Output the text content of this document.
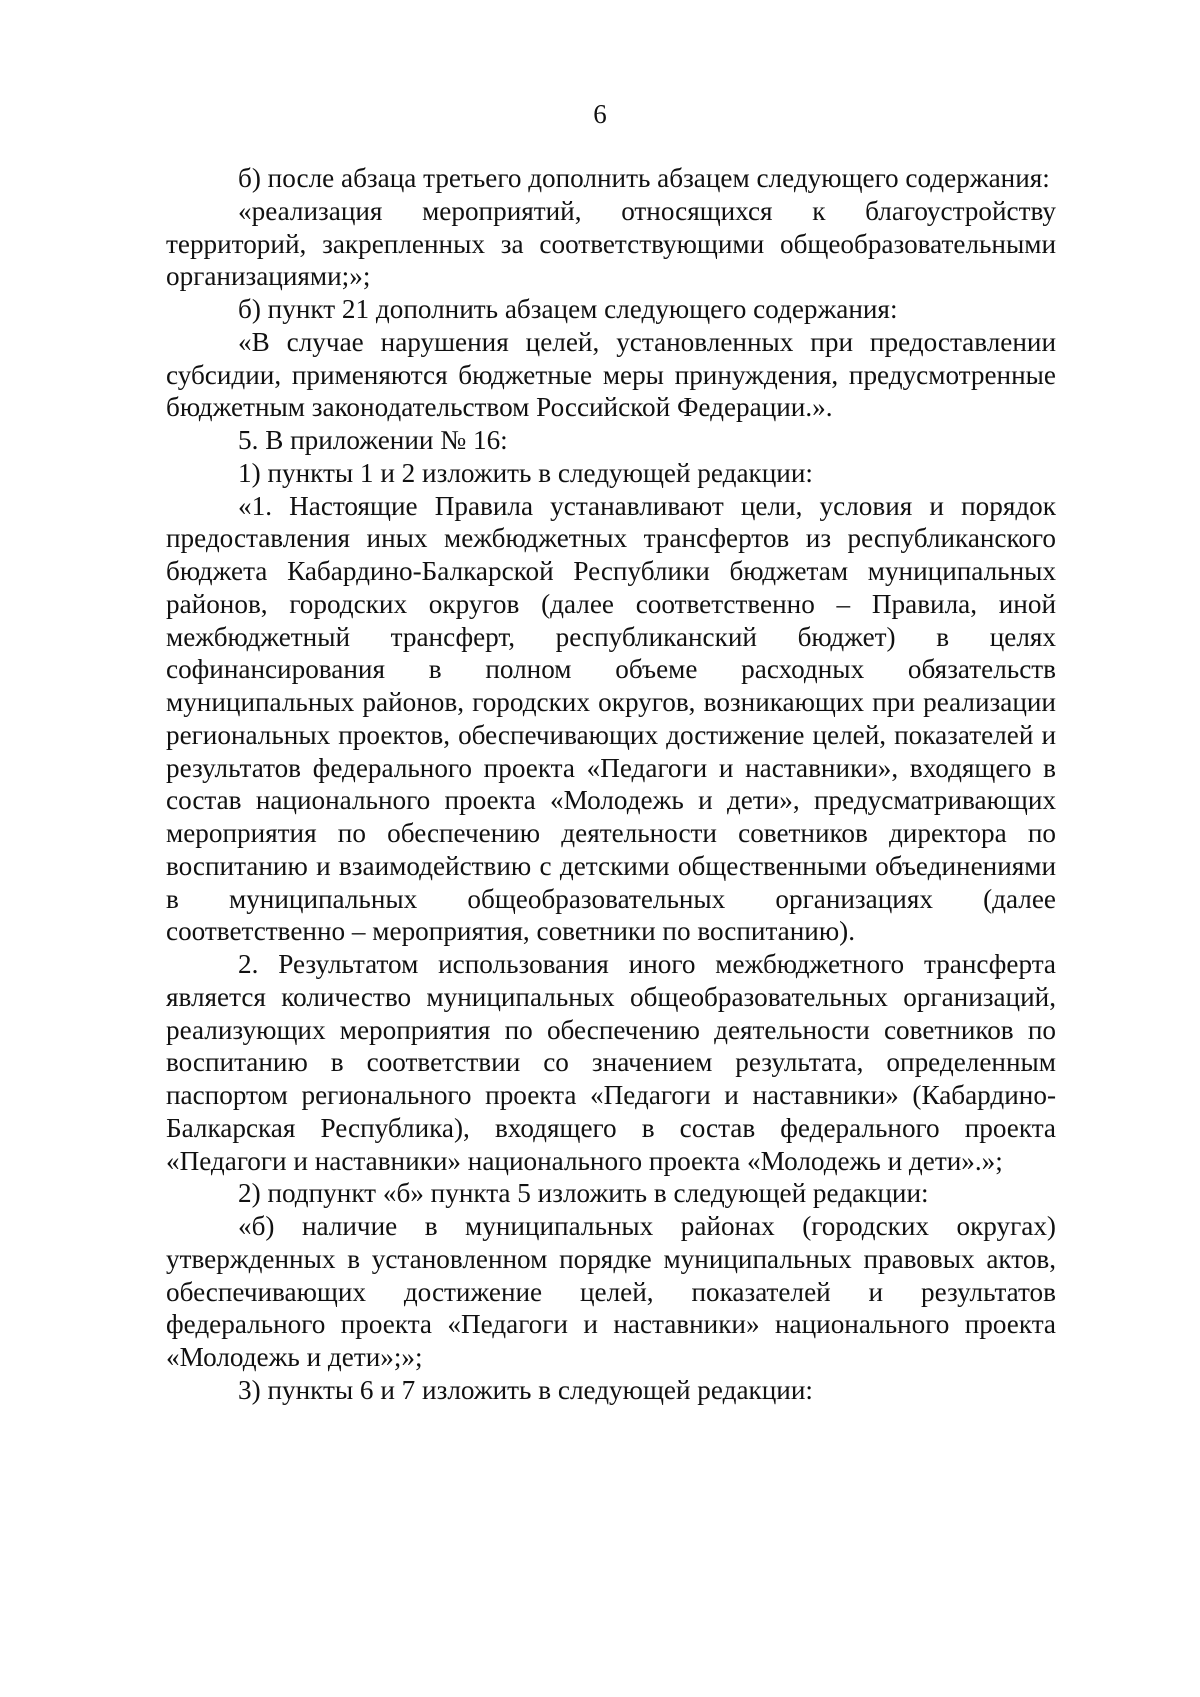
6

б) после абзаца третьего дополнить абзацем следующего содержания:

«реализация мероприятий, относящихся к благоустройству территорий, закрепленных за соответствующими общеобразовательными организациями;»;

б) пункт 21 дополнить абзацем следующего содержания:

«В случае нарушения целей, установленных при предоставлении субсидии, применяются бюджетные меры принуждения, предусмотренные бюджетным законодательством Российской Федерации.».

5. В приложении № 16:

1) пункты 1 и 2 изложить в следующей редакции:

«1. Настоящие Правила устанавливают цели, условия и порядок предоставления иных межбюджетных трансфертов из республиканского бюджета Кабардино-Балкарской Республики бюджетам муниципальных районов, городских округов (далее соответственно – Правила, иной межбюджетный трансферт, республиканский бюджет) в целях софинансирования в полном объеме расходных обязательств муниципальных районов, городских округов, возникающих при реализации региональных проектов, обеспечивающих достижение целей, показателей и результатов федерального проекта «Педагоги и наставники», входящего в состав национального проекта «Молодежь и дети», предусматривающих мероприятия по обеспечению деятельности советников директора по воспитанию и взаимодействию с детскими общественными объединениями в муниципальных общеобразовательных организациях (далее соответственно – мероприятия, советники по воспитанию).

2. Результатом использования иного межбюджетного трансферта является количество муниципальных общеобразовательных организаций, реализующих мероприятия по обеспечению деятельности советников по воспитанию в соответствии со значением результата, определенным паспортом регионального проекта «Педагоги и наставники» (Кабардино-Балкарская Республика), входящего в состав федерального проекта «Педагоги и наставники» национального проекта «Молодежь и дети».»;

2) подпункт «б» пункта 5 изложить в следующей редакции:

«б) наличие в муниципальных районах (городских округах) утвержденных в установленном порядке муниципальных правовых актов, обеспечивающих достижение целей, показателей и результатов федерального проекта «Педагоги и наставники» национального проекта «Молодежь и дети»;»;

3) пункты 6 и 7 изложить в следующей редакции:
